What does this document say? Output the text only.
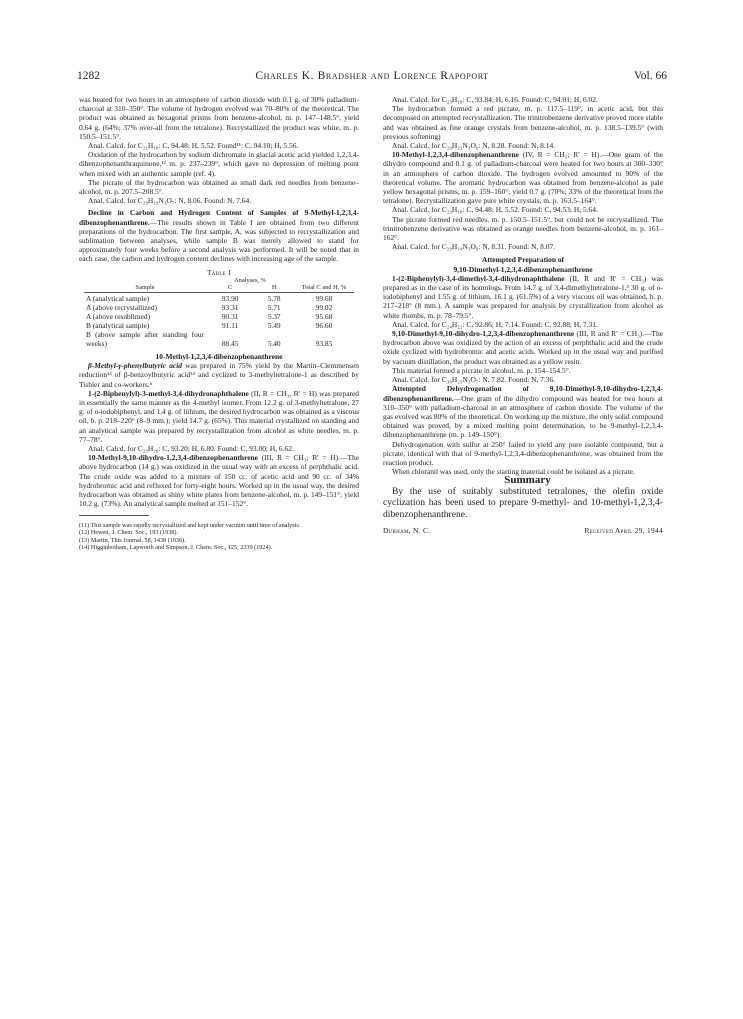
1282	Charles K. Bradsher and Lorence Rapoport	Vol. 66

was heated for two hours in an atmosphere of carbon dioxide with 0.1 g. of 30% palladium-charcoal at 310–350°. The volume of hydrogen evolved was 70–80% of the theoretical. The product was obtained as hexagonal prisms from benzene-alcohol, m. p. 147–148.5°, yield 0.64 g. (64%; 37% over-all from the tetralone). Recrystallized the product was white, m. p. 150.5–151.5°.

Anal. Calcd. for C₂₁H₁₆: C, 94.48; H, 5.52. Found¹¹: C, 94.10; H, 5.56.

Oxidation of the hydrocarbon by sodium dichromate in glacial acetic acid yielded 1,2,3,4-dibenzophenanthraquinone,¹² m. p. 237–239°, which gave no depression of melting point when mixed with an authentic sample (ref. 4).

The picrate of the hydrocarbon was obtained as small dark red needles from benzene–alcohol, m. p. 207.5–208.5°.

Anal. Calcd. for C₂₉H₁₉N₃O₇: N, 8.06. Found: N, 7.64.

Decline in Carbon and Hydrogen Content of Samples of 9-Methyl-1,2,3,4-dibenzophenanthrene.—The results shown in Table I are obtained from two different preparations of the hydrocarbon. The first sample, A, was subjected to recrystallization and sublimation between analyses, while sample B was merely allowed to stand for approximately four weeks before a second analysis was performed. It will be noted that in each case, the carbon and hydrogen content declines with increasing age of the sample.

Table I

Sample	Analyses, %		Total C and H, %
	C	H	

A (analytical sample)	93.90	5.78	99.68
A (above recrystallized)	93.31	5.71	99.02
A (above resublimed)	90.31	5.37	95.68
B (analytical sample)	91.11	5.49	96.60
B (above sample after standing four weeks)	88.45	5.40	93.85

10-Methyl-1,2,3,4-dibenzophenanthrene

β-Methyl-γ-phenylbutyric acid was prepared in 75% yield by the Martin–Clemmensen reduction¹³ of β-benzoylbutyric acid¹⁴ and cyclized to 3-methyltetralone-1 as described by Tishler and co-workers.⁶

1-(2-Biphenylyl)-3-methyl-3,4-dihydronaphthalene (II, R = CH₃, R′ = H) was prepared in essentially the same manner as the 4-methyl isomer. From 12.2 g. of 3-methyltetralone, 27 g. of o-iodobiphenyl, and 1.4 g. of lithium, the desired hydrocarbon was obtained as a viscous oil, b. p. 218–220° (8–9 mm.); yield 14.7 g. (65%). This material crystallized on standing and an analytical sample was prepared by recrystallization from alcohol as white needles, m. p. 77–78°.

Anal. Calcd. for C₂₃H₂₀: C, 93.20; H, 6.80. Found: C, 93.00; H, 6.62.

10-Methyl-9,10-dihydro-1,2,3,4-dibenzophenanthrene (III, R = CH₃; R′ = H).—The above hydrocarbon (14 g.) was oxidized in the usual way with an excess of perphthalic acid. The crude oxide was added to a mixture of 150 cc. of acetic acid and 90 cc. of 34% hydrobromic acid and refluxed for forty-eight hours. Worked up in the usual way, the desired hydrocarbon was obtained as shiny white plates from benzene-alcohol, m. p. 149–151°; yield 10.2 g. (73%). An analytical sample melted at 151–152°.

(11) This sample was rapidly recrystallized and kept under vacuum until time of analysis.

(12) Hewett, J. Chem. Soc., 193 (1938).

(13) Martin, This Journal, 58, 1438 (1936).

(14) Higginbotham, Lapworth and Simpson, J. Chem. Soc., 125, 2339 (1924).

Anal. Calcd. for C₂₃H₁₈: C, 93.84; H, 6.16. Found: C, 94.01; H, 6.02.

The hydrocarbon formed a red picrate, m. p. 117.5–119°, in acetic acid, but this decomposed on attempted recrystallization. The trinitrobenzene derivative proved more stable and was obtained as fine orange crystals from benzene-alcohol, m. p. 138.5–139.5° (with previous softening)

Anal. Calcd. for C₂₉H₂₁N₃O₆: N, 8.28. Found: N, 8.14.

10-Methyl-1,2,3,4-dibenzophenanthrene (IV, R = CH₃; R′ = H).—One gram of the dihydro compound and 0.1 g. of palladium-charcoal were heated for two hours at 300–330° in an atmosphere of carbon dioxide. The hydrogen evolved amounted to 90% of the theoretical volume. The aromatic hydrocarbon was obtained from benzene-alcohol as pale yellow hexagonal prisms, m. p. 159–160°; yield 0.7 g. (70%; 33% of the theoretical from the tetralone). Recrystallization gave pure white crystals, m. p. 163.5–164°.

Anal. Calcd. for C₂₃H₁₆: C, 94.48; H, 5.52. Found: C, 94.53; H, 5.64.

The picrate formed red needles, m. p. 150.5–151.5°, but could not be recrystallized. The trinitrobenzene derivative was obtained as orange needles from benzene-alcohol, m. p. 161–162°.

Anal. Calcd. for C₂₉H₁₉N₃O₆: N, 8.31. Found: N, 8.07.

Attempted Preparation of

9,10-Dimethyl-1,2,3,4-dibenzophenanthrene

1-(2-Biphenylyl)-3,4-dimethyl-3,4-dihydronaphthalene (II, R and R′ = CH₃) was prepared as in the case of its homologs. From 14.7 g. of 3,4-dimethyltetralone-1,³ 30 g. of o-iodobiphenyl and 1.55 g. of lithium, 16.1 g. (61.5%) of a very viscous oil was obtained, b. p. 217–218° (8 mm.). A sample was prepared for analysis by crystallization from alcohol as white rhombs, m. p. 78–79.5°.

Anal. Calcd. for C₂₄H₂₂: C, 92.86; H, 7.14. Found: C, 92.88; H, 7.31.

9,10-Dimethyl-9,10-dihydro-1,2,3,4-dibenzophenanthrene (III, R and R′ = CH₃).—The hydrocarbon above was oxidized by the action of an excess of perphthalic acid and the crude oxide cyclized with hydrobromic and acetic acids. Worked up in the usual way and purified by vacuum distillation, the product was obtained as a yellow resin.

This material formed a picrate in alcohol, m. p. 154–154.5°.

Anal. Calcd. for C₃₀H₂₃N₃O₇: N, 7.82. Found: N, 7.36.

Attempted Dehydrogenation of 9,10-Dimethyl-9,10-dihydro-1,2,3,4-dibenzophenanthrene.—One gram of the dihydro compound was heated for two hours at 310–350° with palladium-charcoal in an atmosphere of carbon dioxide. The volume of the gas evolved was 80% of the theoretical. On working up the mixture, the only solid compound obtained was proved, by a mixed melting point determination, to be 9-methyl-1,2,3,4-dibenzophenanthrene (m. p. 149–150°).

Dehydrogenation with sulfur at 250° failed to yield any pure isolable compound, but a picrate, identical with that of 9-methyl-1,2,3,4-dibenzophenanthrene, was obtained from the reaction product.

When chloranil was used, only the starting material could be isolated as a picrate.

Summary

By the use of suitably substituted tetralones, the olefin oxide cyclization has been used to prepare 9-methyl- and 10-methyl-1,2,3,4-dibenzophenanthrene.

Durham, N. C.	Received April 29, 1944
